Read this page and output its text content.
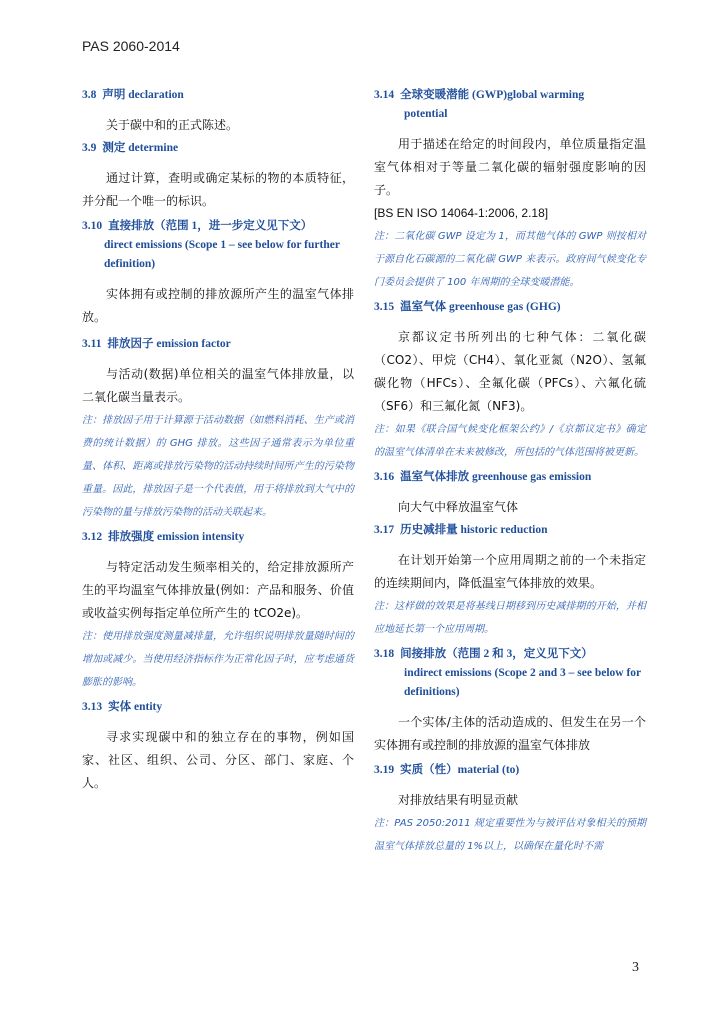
PAS 2060-2014
3.8 声明 declaration
关于碳中和的正式陈述。
3.9 测定 determine
通过计算，查明或确定某标的物的本质特征，并分配一个唯一的标识。
3.10 直接排放（范围 1，进一步定义见下文）
direct emissions (Scope 1 – see below for further definition)
实体拥有或控制的排放源所产生的温室气体排放。
3.11 排放因子 emission factor
与活动(数据)单位相关的温室气体排放量，以二氧化碳当量表示。
注：排放因子用于计算源于活动数据（如燃料消耗、生产或消费的统计数据）的 GHG 排放。这些因子通常表示为单位重量、体积、距离或排放污染物的活动持续时间所产生的污染物重量。因此，排放因子是一个代表值，用于将排放到大气中的污染物的量与排放污染物的活动关联起来。
3.12 排放强度 emission intensity
与特定活动发生频率相关的，给定排放源所产生的平均温室气体排放量(例如：产品和服务、价值或收益实例每指定单位所产生的 tCO2e)。
注：使用排放强度测量减排量，允许组织说明排放量随时间的增加或减少。当使用经济指标作为正常化因子时，应考虑通货膨胀的影响。
3.13 实体 entity
寻求实现碳中和的独立存在的事物，例如国家、社区、组织、公司、分区、部门、家庭、个人。
3.14 全球变暖潜能 (GWP)global warming
potential
用于描述在给定的时间段内，单位质量指定温室气体相对于等量二氧化碳的辐射强度影响的因子。
[BS EN ISO 14064-1:2006, 2.18]
注：二氧化碳 GWP 设定为 1，而其他气体的 GWP 则按相对于源自化石碳源的二氧化碳 GWP 来表示。政府间气候变化专门委员会提供了 100 年周期的全球变暖潜能。
3.15 温室气体 greenhouse gas (GHG)
京都议定书所列出的七种气体：二氧化碳（CO2）、甲烷（CH4）、氧化亚氮（N2O）、氢氟碳化物（HFCs）、全氟化碳（PFCs）、六氟化硫（SF6）和三氟化氮（NF3)。
注：如果《联合国气候变化框架公约》/《京都议定书》确定的温室气体清单在未来被修改，所包括的气体范围将被更新。
3.16 温室气体排放 greenhouse gas emission
向大气中释放温室气体
3.17 历史减排量 historic reduction
在计划开始第一个应用周期之前的一个未指定的连续期间内，降低温室气体排放的效果。
注：这样做的效果是将基线日期移到历史减排期的开始，并相应地延长第一个应用周期。
3.18 间接排放（范围 2 和 3，定义见下文）
indirect emissions (Scope 2 and 3 – see below for definitions)
一个实体/主体的活动造成的、但发生在另一个实体拥有或控制的排放源的温室气体排放
3.19 实质（性）material (to)
对排放结果有明显贡献
注：PAS 2050:2011 规定重要性为与被评估对象相关的预期温室气体排放总量的 1%以上，以确保在量化时不需
3
